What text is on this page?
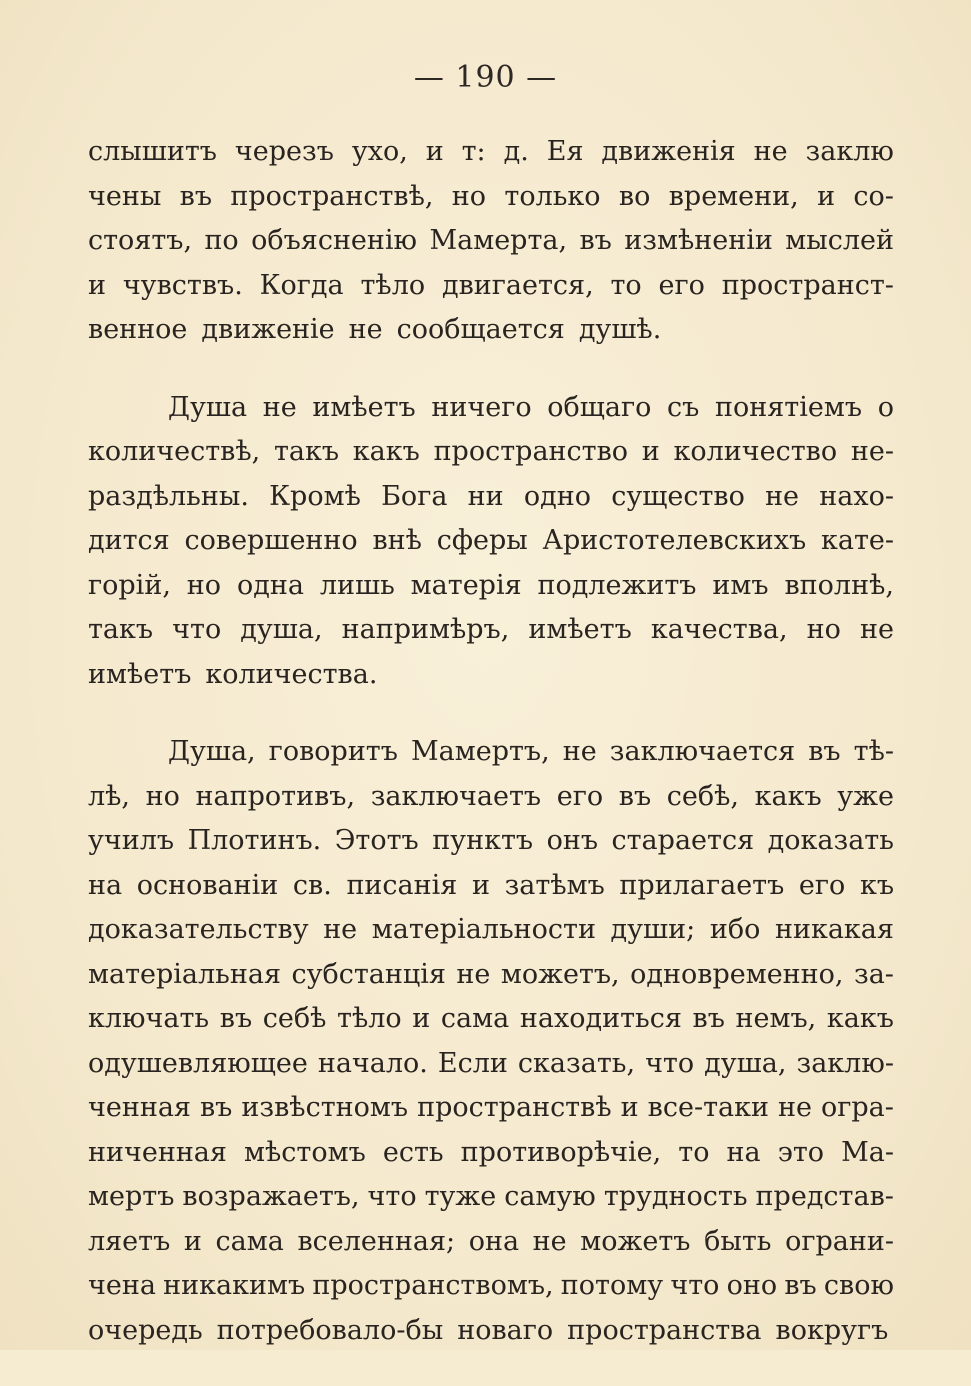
— 190 —
слышитъ черезъ ухо, и т: д. Ея движенія не заклю
чены въ пространствѣ, но только во времени, и со-
стоятъ, по объясненію Мамерта, въ измѣненіи мыслей
и чувствъ. Когда тѣло двигается, то его пространст-
венное движеніе не сообщается душѣ.
Душа не имѣетъ ничего общаго съ понятіемъ о
количествѣ, такъ какъ пространство и количество не-
раздѣльны. Кромѣ Бога ни одно существо не нахо-
дится совершенно внѣ сферы Аристотелевскихъ кате-
горій, но одна лишь матерія подлежитъ имъ вполнѣ,
такъ что душа, напримѣръ, имѣетъ качества, но не
имѣетъ количества.
Душа, говоритъ Мамертъ, не заключается въ тѣ-
лѣ, но напротивъ, заключаетъ его въ себѣ, какъ уже
училъ Плотинъ. Этотъ пунктъ онъ старается доказать
на основаніи св. писанія и затѣмъ прилагаетъ его къ
доказательству не матеріальности души; ибо никакая
матеріальная субстанція не можетъ, одновременно, за-
ключать въ себѣ тѣло и сама находиться въ немъ, какъ
одушевляющее начало. Если сказать, что душа, заклю-
ченная въ извѣстномъ пространствѣ и все-таки не огра-
ниченная мѣстомъ есть противорѣчіе, то на это Ма-
мертъ возражаетъ, что туже самую трудность представ-
ляетъ и сама вселенная; она не можетъ быть ограни-
чена никакимъ пространствомъ, потому что оно въ свою
очередь потребовало-бы новаго пространства вокругъ
